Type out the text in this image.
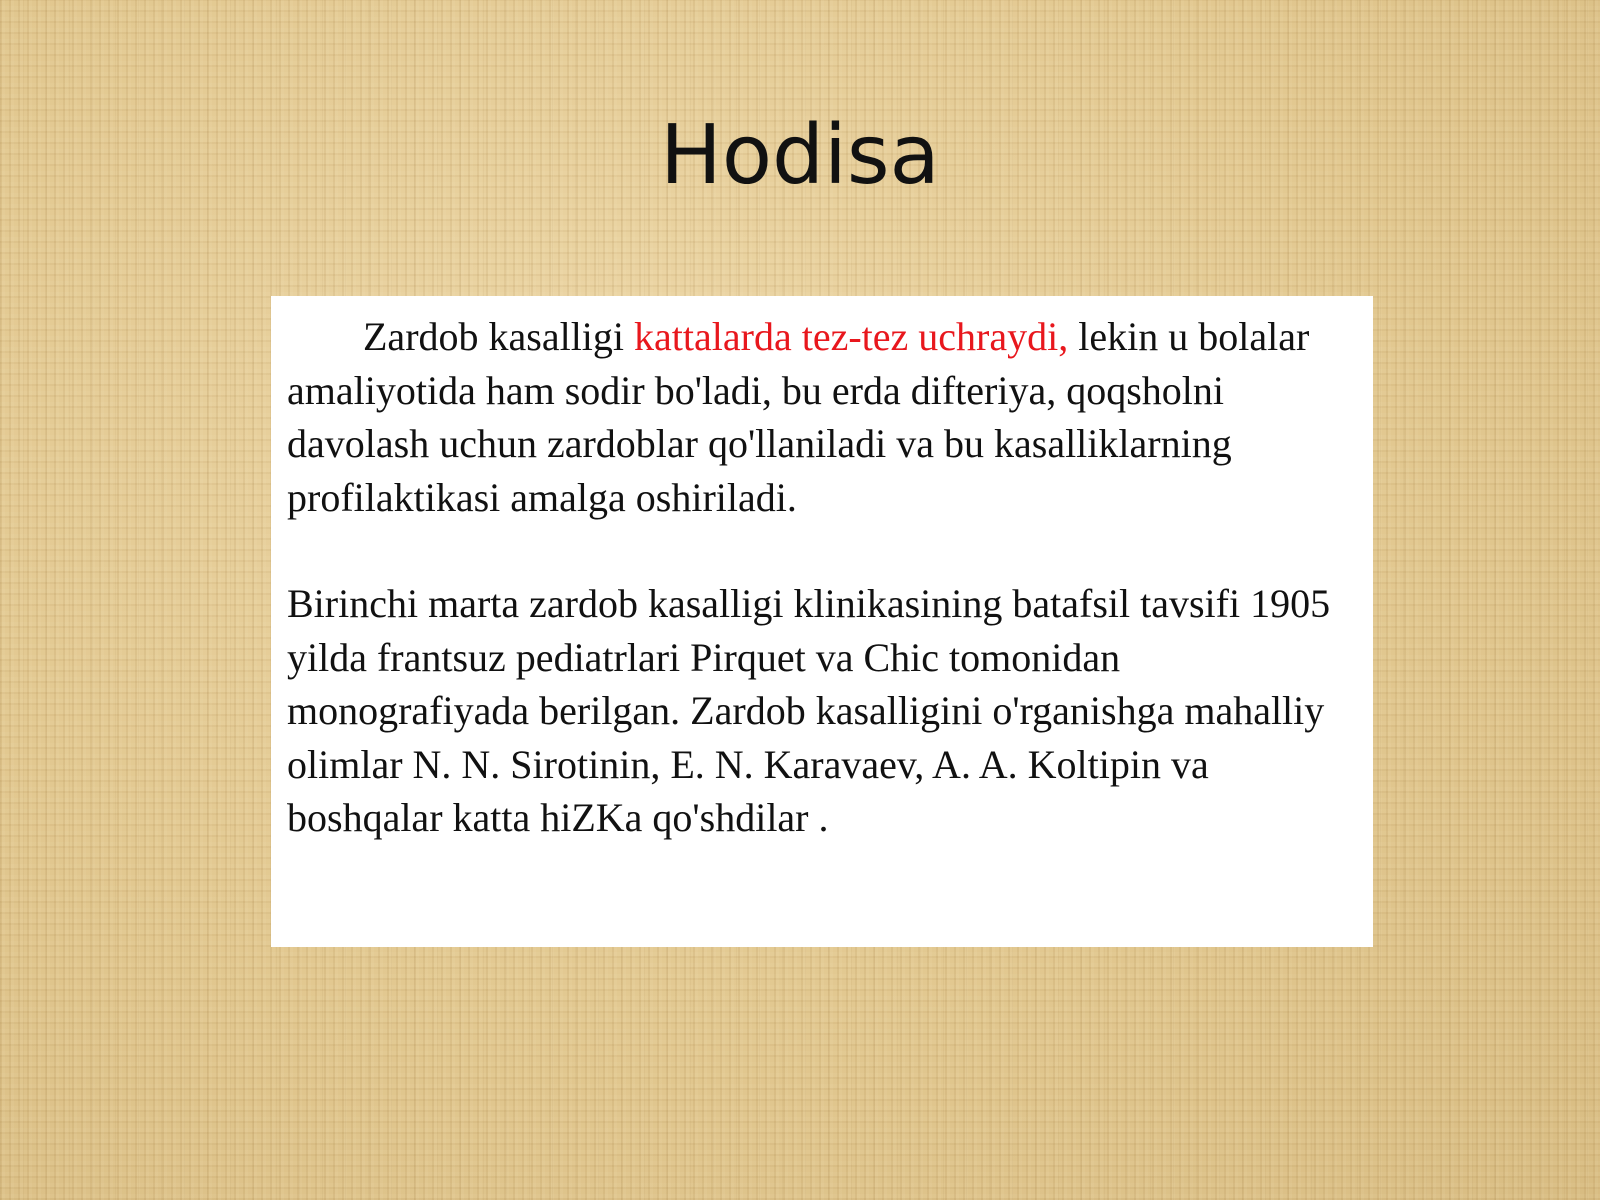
Hodisa

Zardob kasalligi kattalarda tez-tez uchraydi, lekin u bolalar amaliyotida ham sodir bo'ladi, bu erda difteriya, qoqsholni davolash uchun zardoblar qo'llaniladi va bu kasalliklarning profilaktikasi amalga oshiriladi.

Birinchi marta zardob kasalligi klinikasining batafsil tavsifi 1905 yilda frantsuz pediatrlari Pirquet va Chic tomonidan monografiyada berilgan. Zardob kasalligini o'rganishga mahalliy olimlar N. N. Sirotinin, E. N. Karavaev, A. A. Koltipin va boshqalar katta hiZKa qo'shdilar .
